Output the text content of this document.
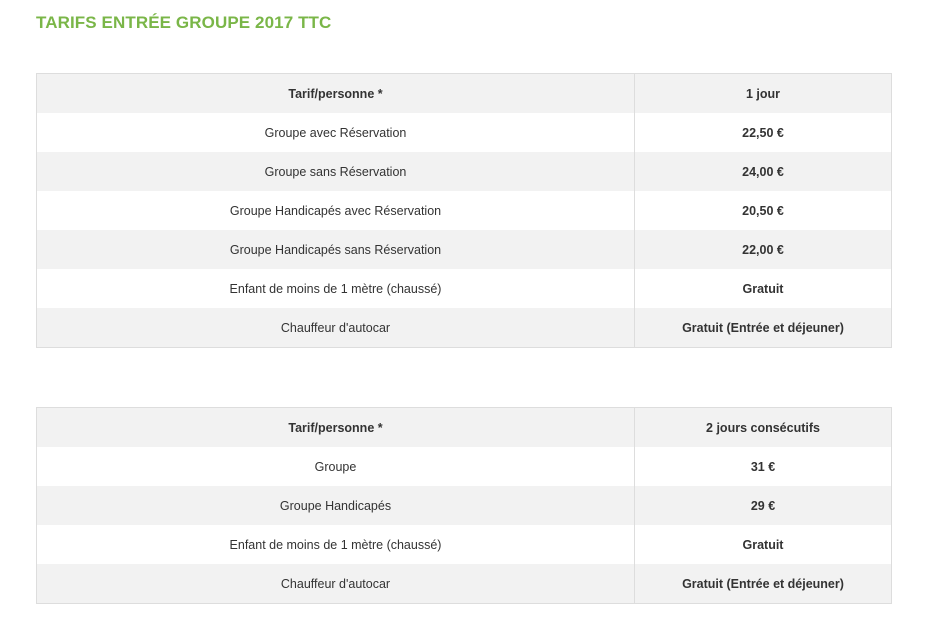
TARIFS ENTRÉE GROUPE 2017 TTC
Tarif/personne *	1 jour
Groupe avec Réservation	22,50 €
Groupe sans Réservation	24,00 €
Groupe Handicapés avec Réservation	20,50 €
Groupe Handicapés sans Réservation	22,00 €
Enfant de moins de 1 mètre (chaussé)	Gratuit
Chauffeur d'autocar	Gratuit (Entrée et déjeuner)
Tarif/personne *	2 jours consécutifs
Groupe	31 €
Groupe Handicapés	29 €
Enfant de moins de 1 mètre (chaussé)	Gratuit
Chauffeur d'autocar	Gratuit (Entrée et déjeuner)
